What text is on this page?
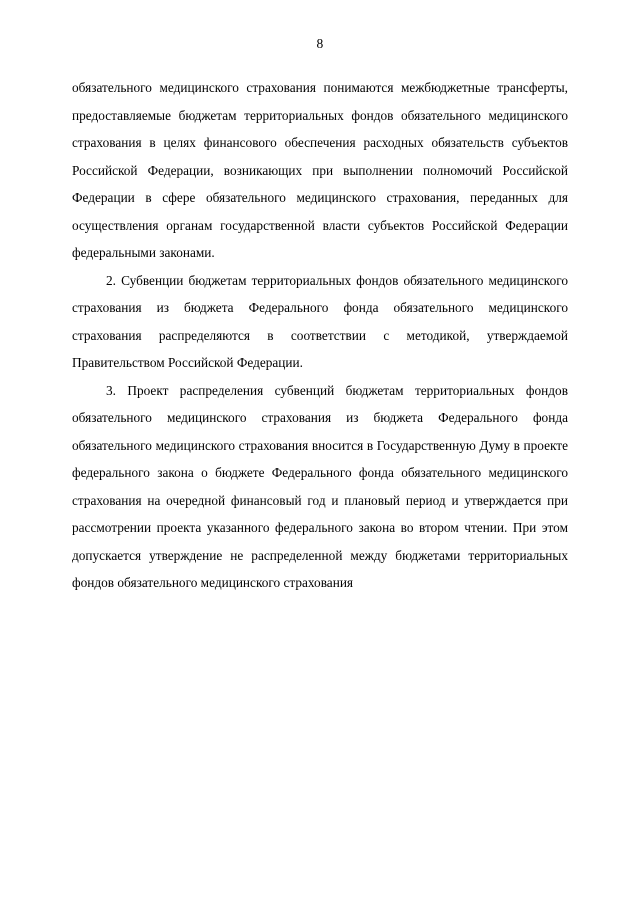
8

обязательного медицинского страхования понимаются межбюджетные трансферты, предоставляемые бюджетам территориальных фондов обязательного медицинского страхования в целях финансового обеспечения расходных обязательств субъектов Российской Федерации, возникающих при выполнении полномочий Российской Федерации в сфере обязательного медицинского страхования, переданных для осуществления органам государственной власти субъектов Российской Федерации федеральными законами.

2. Субвенции бюджетам территориальных фондов обязательного медицинского страхования из бюджета Федерального фонда обязательного медицинского страхования распределяются в соответствии с методикой, утверждаемой Правительством Российской Федерации.

3. Проект распределения субвенций бюджетам территориальных фондов обязательного медицинского страхования из бюджета Федерального фонда обязательного медицинского страхования вносится в Государственную Думу в проекте федерального закона о бюджете Федерального фонда обязательного медицинского страхования на очередной финансовый год и плановый период и утверждается при рассмотрении проекта указанного федерального закона во втором чтении. При этом допускается утверждение не распределенной между бюджетами территориальных фондов обязательного медицинского страхования
